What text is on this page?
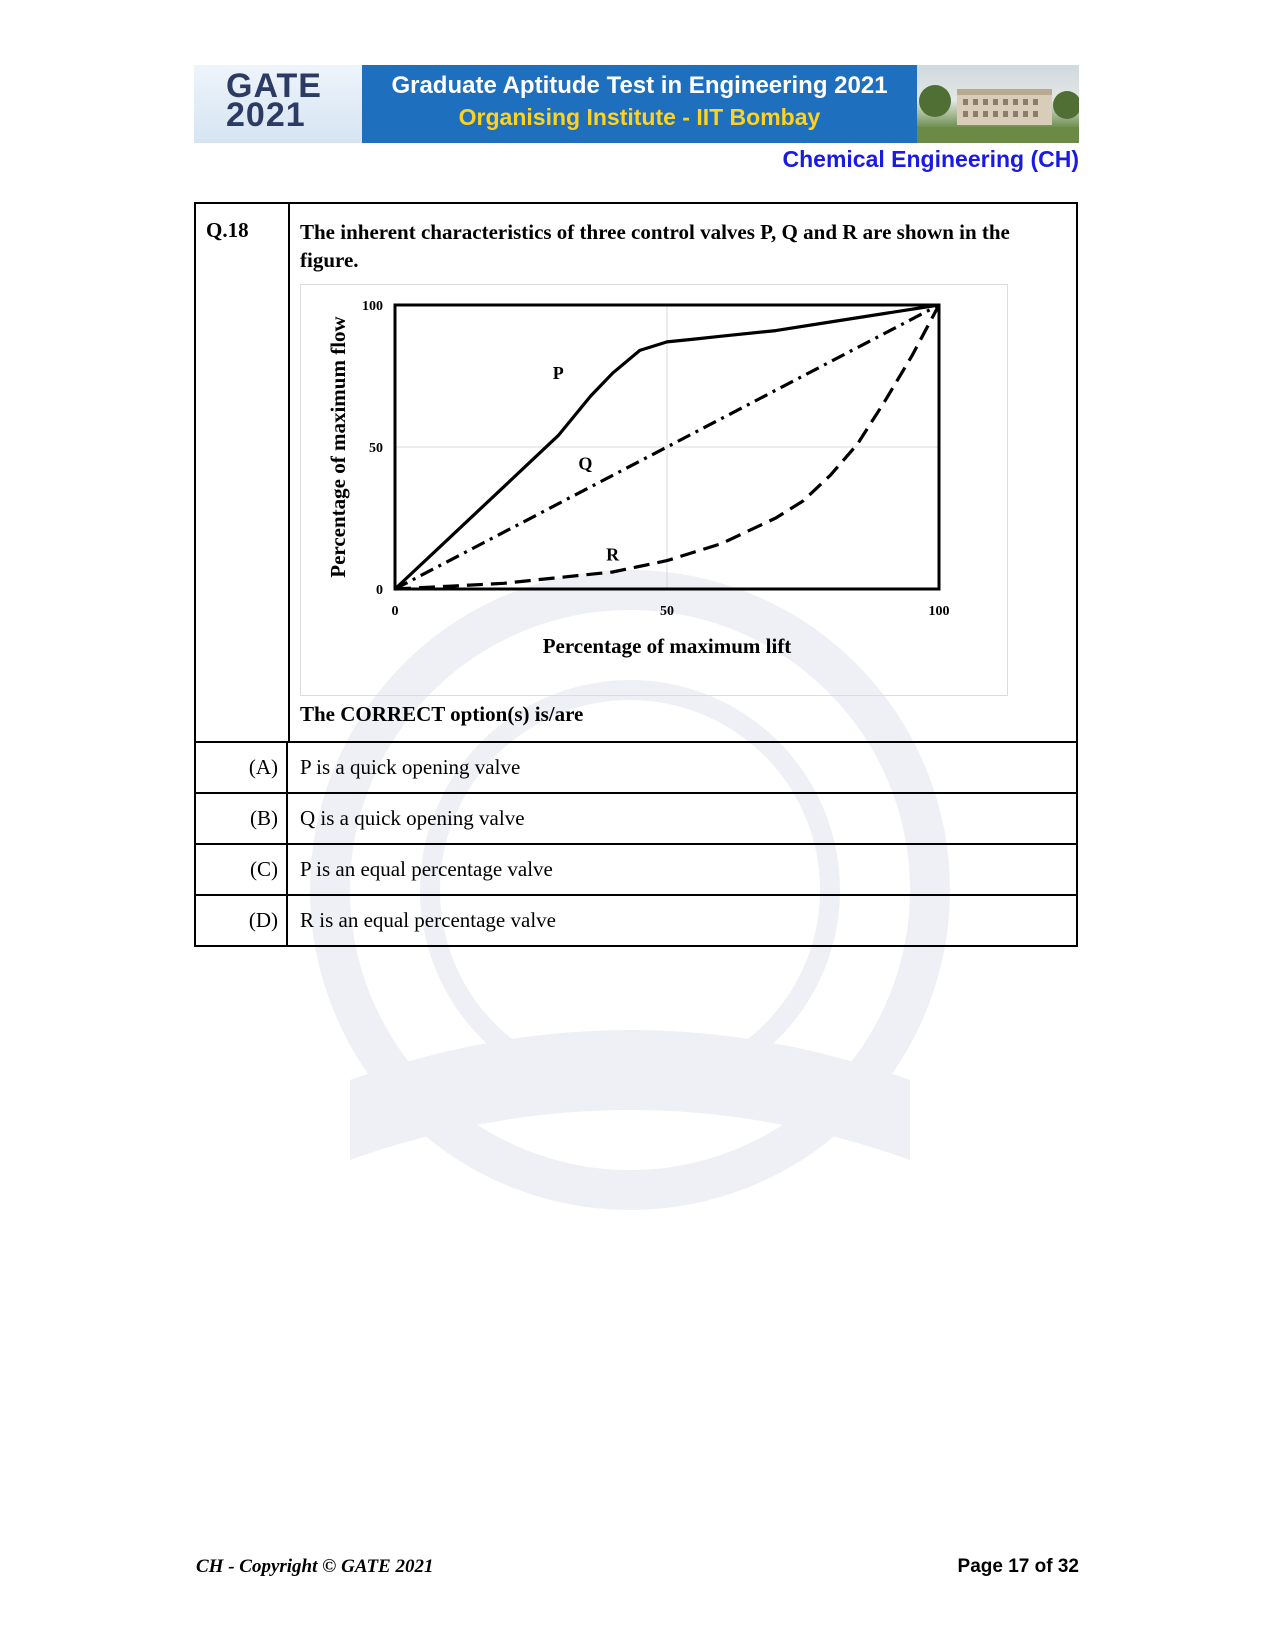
GATE
2021
Graduate Aptitude Test in Engineering 2021
Organising Institute - IIT Bombay
Chemical Engineering (CH)
Q.18 The inherent characteristics of three control valves P, Q and R are shown in the figure.
0	50	100
0
50
100
Percentage of maximum lift
Percentage of maximum flow	P
Q
R
The CORRECT option(s) is/are
(A)	P is a quick opening valve
(B)	Q is a quick opening valve
(C)	P is an equal percentage valve
(D)	R is an equal percentage valve
CH - Copyright © GATE 2021	Page 17 of 32
